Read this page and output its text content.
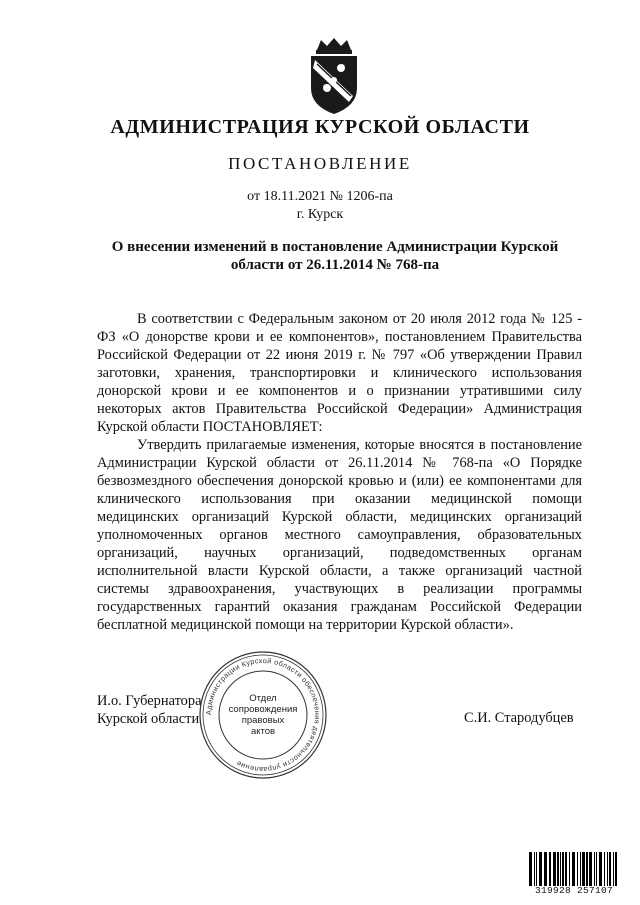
АДМИНИСТРАЦИЯ КУРСКОЙ ОБЛАСТИ
ПОСТАНОВЛЕНИЕ
от 18.11.2021 № 1206-па
г. Курск
О внесении изменений в постановление Администрации Курской
области от 26.11.2014 № 768-па

В соответствии с Федеральным законом от 20 июля 2012 года № 125 - ФЗ «О донорстве крови и ее компонентов», постановлением Правительства Российской Федерации от 22 июня 2019 г. № 797 «Об утверждении Правил заготовки, хранения, транспортировки и клинического использования донорской крови и ее компонентов и о признании утратившими силу некоторых актов Правительства Российской Федерации» Администрация Курской области ПОСТАНОВЛЯЕТ:

Утвердить прилагаемые изменения, которые вносятся в постановление Администрации Курской области от 26.11.2014 № 768-па «О Порядке безвозмездного обеспечения донорской кровью и (или) ее компонентами для клинического использования при оказании медицинской помощи медицинских организаций Курской области, медицинских организаций уполномоченных органов местного самоуправления, образовательных организаций, научных организаций, подведомственных органам исполнительной власти Курской области, а также организаций частной системы здравоохранения, участвующих в реализации программы государственных гарантий оказания гражданам Российской Федерации бесплатной медицинской помощи на территории Курской области».

И.о. Губернатора
Курской области	С.И. Стародубцев
Администрации Курской области обеспечения деятельности управление
Отдел
сопровождения
правовых
актов
319928 257107
